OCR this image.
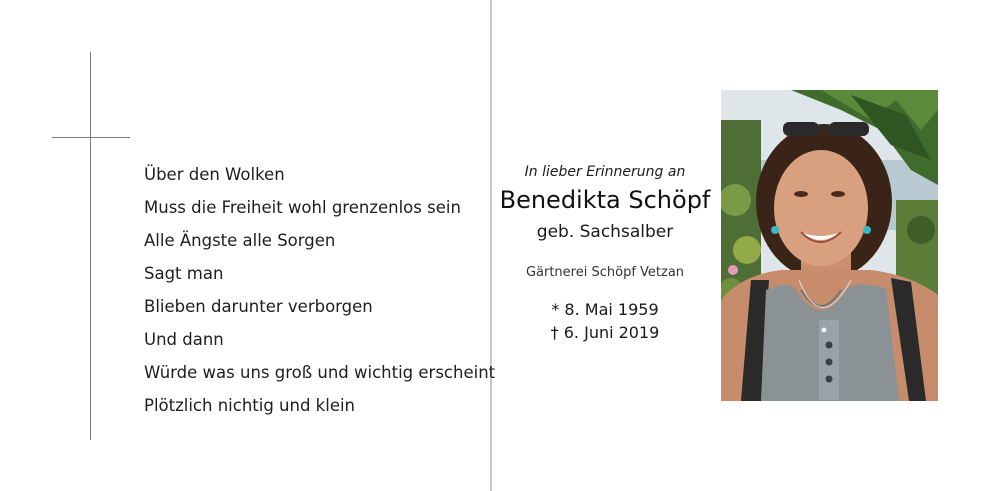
Über den Wolken
Muss die Freiheit wohl grenzenlos sein
Alle Ängste alle Sorgen
Sagt man
Blieben darunter verborgen
Und dann
Würde was uns groß und wichtig erscheint
Plötzlich nichtig und klein
In lieber Erinnerung an
Benedikta Schöpf
geb. Sachsalber
Gärtnerei Schöpf Vetzan
* 8. Mai 1959
† 6. Juni 2019
